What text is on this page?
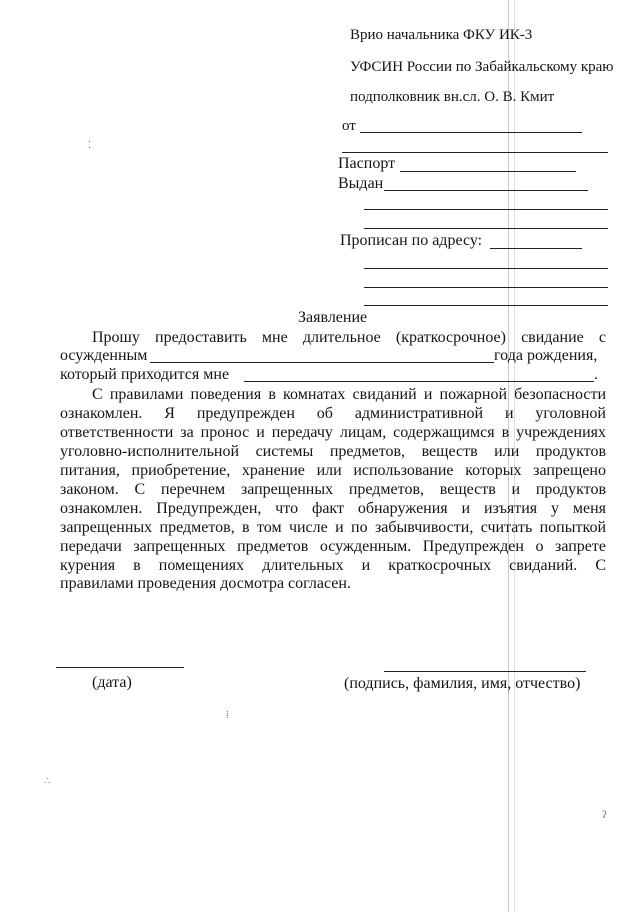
⁚
⁞
∴
ʔ
Врио начальника ФКУ ИК-3
УФСИН России по Забайкальскому краю
подполковник вн.сл. О. В. Кмит
от
Паспорт
Выдан
Прописан по адресу:
Заявление
Прошу предоставить мне длительное (краткосрочное) свидание с
осужденным	года рождения,
который приходится мне	.
С правилами поведения в комнатах свиданий и пожарной безопасности
ознакомлен. Я предупрежден об административной и уголовной
ответственности за пронос и передачу лицам, содержащимся в учреждениях
уголовно-исполнительной системы предметов, веществ или продуктов
питания, приобретение, хранение или использование которых запрещено
законом. С перечнем запрещенных предметов, веществ и продуктов
ознакомлен. Предупрежден, что факт обнаружения и изъятия у меня
запрещенных предметов, в том числе и по забывчивости, считать попыткой
передачи запрещенных предметов осужденным. Предупрежден о запрете
курения в помещениях длительных и краткосрочных свиданий. С
правилами проведения досмотра согласен.
(дата)	(подпись, фамилия, имя, отчество)
